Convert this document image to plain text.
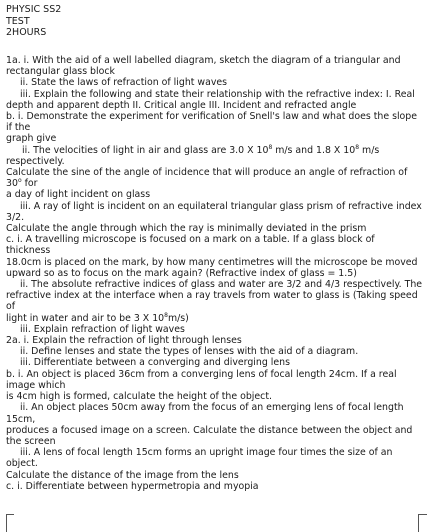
PHYSIC SS2
TEST
2HOURS
1a. i. With the aid of a well labelled diagram, sketch the diagram of a triangular and
rectangular glass block
ii. State the laws of refraction of light waves
iii. Explain the following and state their relationship with the refractive index: I. Real
depth and apparent depth II. Critical angle III. Incident and refracted angle
b. i. Demonstrate the experiment for verification of Snell's law and what does the slope
if the
graph give
ii. The velocities of light in air and glass are 3.0 X $10^8$ m/s and 1.8 X $10^8$ m/s
respectively.
Calculate the sine of the angle of incidence that will produce an angle of refraction of
30$^o$ for
a day of light incident on glass
iii. A ray of light is incident on an equilateral triangular glass prism of refractive index
3/2.
Calculate the angle through which the ray is minimally deviated in the prism
c. i. A travelling microscope is focused on a mark on a table. If a glass block of
thickness
18.0cm is placed on the mark, by how many centimetres will the microscope be moved
upward so as to focus on the mark again? (Refractive index of glass = 1.5)
ii. The absolute refractive indices of glass and water are 3/2 and 4/3 respectively. The
refractive index at the interface when a ray travels from water to glass is (Taking speed
of
light in water and air to be 3 X $10^8m/s$)
iii. Explain refraction of light waves
2a. i. Explain the refraction of light through lenses
ii. Define lenses and state the types of lenses with the aid of a diagram.
iii. Differentiate between a converging and diverging lens
b. i. An object is placed 36cm from a converging lens of focal length 24cm. If a real
image which
is 4cm high is formed, calculate the height of the object.
ii. An object places 50cm away from the focus of an emerging lens of focal length
15cm,
produces a focused image on a screen. Calculate the distance between the object and
the screen
iii. A lens of focal length 15cm forms an upright image four times the size of an
object.
Calculate the distance of the image from the lens
c. i. Differentiate between hypermetropia and myopia
